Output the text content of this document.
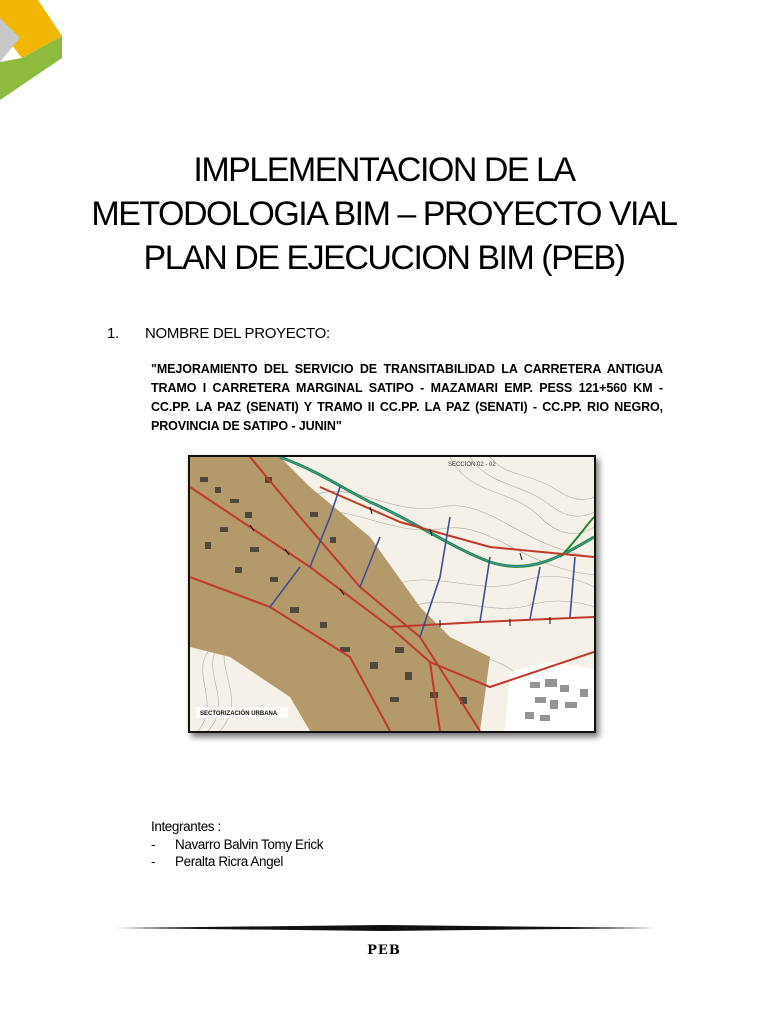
IMPLEMENTACION DE LA
METODOLOGIA BIM – PROYECTO VIAL
PLAN DE EJECUCION BIM (PEB)
1. NOMBRE DEL PROYECTO:
"MEJORAMIENTO DEL SERVICIO DE TRANSITABILIDAD LA CARRETERA ANTIGUA TRAMO I CARRETERA MARGINAL SATIPO - MAZAMARI EMP. PESS 121+560 KM - CC.PP. LA PAZ (SENATI) Y TRAMO II CC.PP. LA PAZ (SENATI) - CC.PP. RIO NEGRO, PROVINCIA DE SATIPO - JUNIN"
SECCION 02 - 02
SECTORIZACIÓN URBANA
Integrantes :
- Navarro Balvin Tomy Erick
- Peralta Ricra Angel
PEB
